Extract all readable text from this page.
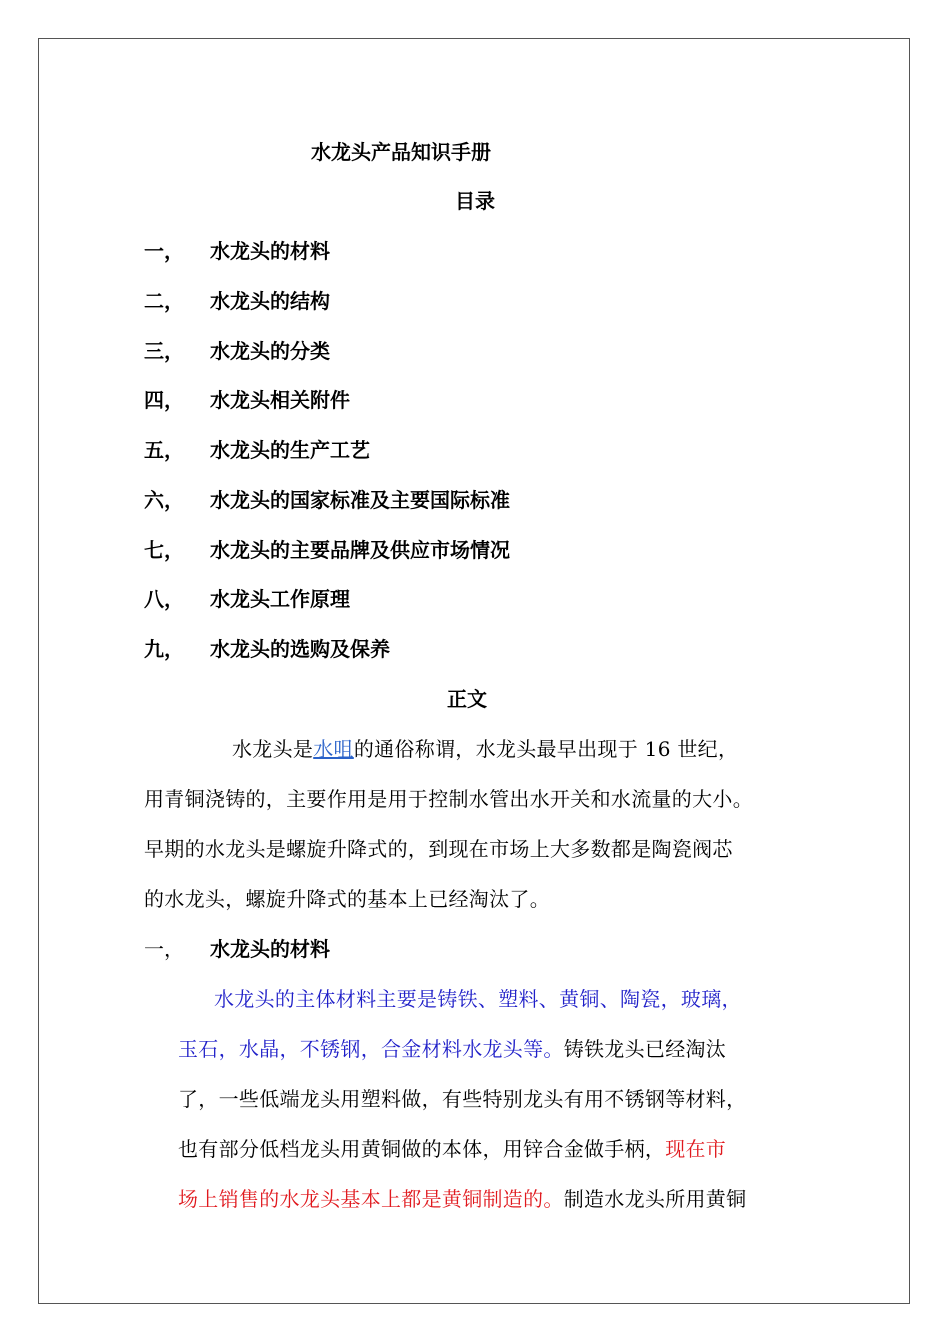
水龙头产品知识手册
目录
一， 水龙头的材料
二， 水龙头的结构
三， 水龙头的分类
四， 水龙头相关附件
五， 水龙头的生产工艺
六， 水龙头的国家标准及主要国际标准
七， 水龙头的主要品牌及供应市场情况
八， 水龙头工作原理
九， 水龙头的选购及保养
正文
水龙头是水咀的通俗称谓，水龙头最早出现于 16 世纪，
用青铜浇铸的，主要作用是用于控制水管出水开关和水流量的大小。
早期的水龙头是螺旋升降式的，到现在市场上大多数都是陶瓷阀芯
的水龙头，螺旋升降式的基本上已经淘汰了。
一， 水龙头的材料
水龙头的主体材料主要是铸铁、塑料、黄铜、陶瓷，玻璃，
玉石，水晶，不锈钢，合金材料水龙头等。铸铁龙头已经淘汰
了，一些低端龙头用塑料做，有些特别龙头有用不锈钢等材料，
也有部分低档龙头用黄铜做的本体，用锌合金做手柄，现在市
场上销售的水龙头基本上都是黄铜制造的。制造水龙头所用黄铜
